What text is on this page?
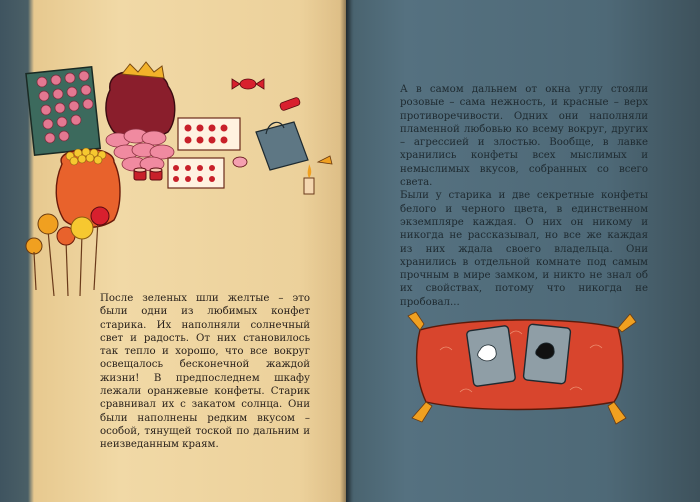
После зеленых шли желтые – это были одни из любимых конфет старика. Их наполняли солнечный свет и радость. От них становилось так тепло и хорошо, что все вокруг освещалось бесконечной жаждой жизни! В предпоследнем шкафу лежали оранжевые конфеты. Старик сравнивал их с закатом солнца. Они были наполнены редким вкусом – особой, тянущей тоской по дальним и неизведанным краям.
А в самом дальнем от окна углу стояли розовые – сама нежность, и красные – верх противоречивости. Одних они наполняли пламенной любовью ко всему вокруг, других – агрессией и злостью. Вообще, в лавке хранились конфеты всех мыслимых и немыслимых вкусов, собранных со всего света.
Были у старика и две секретные конфеты белого и черного цвета, в единственном экземпляре каждая. О них он никому и никогда не рассказывал, но все же каждая из них ждала своего владельца. Они хранились в отдельной комнате под самым прочным в мире замком, и никто не знал об их свойствах, потому что никогда не пробовал...
